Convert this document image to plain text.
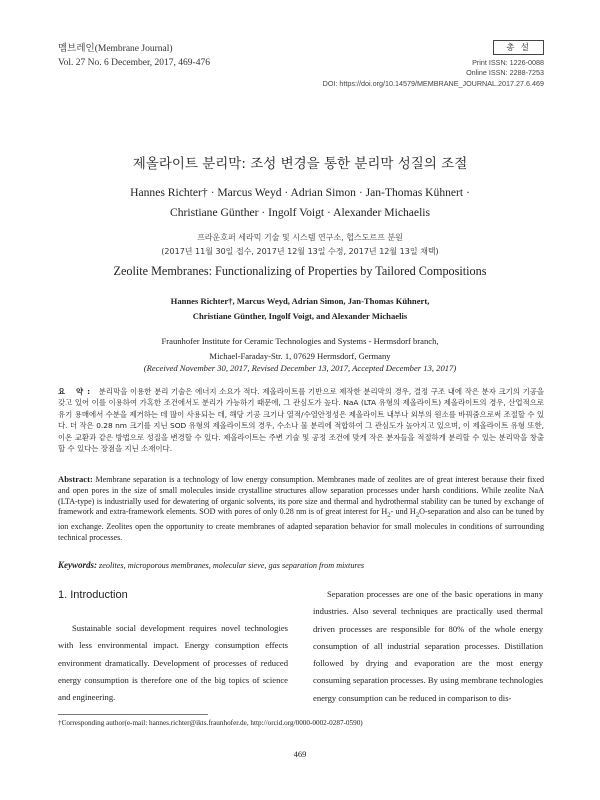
멤브레인(Membrane Journal)
Vol. 27 No. 6 December, 2017, 469-476
총 설
Print ISSN: 1226-0088
Online ISSN: 2288-7253
DOI: https://doi.org/10.14579/MEMBRANE_JOURNAL.2017.27.6.469
제올라이트 분리막: 조성 변경을 통한 분리막 성질의 조절
Hannes Richter† · Marcus Weyd · Adrian Simon · Jan-Thomas Kühnert ·
Christiane Günther · Ingolf Voigt · Alexander Michaelis
프라운호퍼 세라믹 기술 및 시스템 연구소, 헙스도르프 분원
(2017년 11월 30일 접수, 2017년 12월 13일 수정, 2017년 12월 13일 채택)
Zeolite Membranes: Functionalizing of Properties by Tailored Compositions
Hannes Richter†, Marcus Weyd, Adrian Simon, Jan-Thomas Kühnert,
Christiane Günther, Ingolf Voigt, and Alexander Michaelis
Fraunhofer Institute for Ceramic Technologies and Systems - Hermsdorf branch,
Michael-Faraday-Str. 1, 07629 Hermsdorf, Germany
(Received November 30, 2017, Revised December 13, 2017, Accepted December 13, 2017)
요 약: 분리막을 이용한 분리 기술은 에너지 소요가 적다. 제올라이트를 기반으로 제작한 분리막의 경우, 결정 구조 내에 작은 분자 크기의 기공을 갖고 있어 이를 이용하여 가혹한 조건에서도 분리가 가능하기 때문에, 그 관심도가 높다. NaA (LTA 유형의 제올라이트) 제올라이트의 경우, 산업적으로 유기 용매에서 수분을 제거하는 데 많이 사용되는 데, 해당 기공 크기나 열적/수열안정성은 제올라이트 내부나 외부의 원소를 바꿔줌으로써 조절할 수 있다. 더 작은 0.28 nm 크기를 지닌 SOD 유형의 제올라이트의 경우, 수소나 물 분리에 적합하여 그 관심도가 높아지고 있으며, 이 제올라이트 유형 또한, 이온 교환과 같은 방법으로 성질을 변경할 수 있다. 제올라이트는 주변 기술 및 공정 조건에 맞게 작은 분자들을 적절하게 분리할 수 있는 분리막을 창출할 수 있다는 장점을 지닌 소재이다.
Abstract: Membrane separation is a technology of low energy consumption. Membranes made of zeolites are of great interest because their fixed and open pores in the size of small molecules inside crystalline structures allow separation processes under harsh conditions. While zeolite NaA (LTA-type) is industrially used for dewatering of organic solvents, its pore size and thermal and hydrothermal stability can be tuned by exchange of framework and extra-framework elements. SOD with pores of only 0.28 nm is of great interest for $H_2-$ und $H_2O$-separation and also can be tuned by ion exchange. Zeolites open the opportunity to create membranes of adapted separation behavior for small molecules in conditions of surrounding technical processes.
Keywords: zeolites, microporous membranes, molecular sieve, gas separation from mixtures
1. Introduction

Sustainable social development requires novel technologies with less environmental impact. Energy consumption effects environment dramatically. Development of processes of reduced energy consumption is therefore one of the big topics of science and engineering.

Separation processes are one of the basic operations in many industries. Also several techniques are practically used thermal driven processes are responsible for 80% of the whole energy consumption of all industrial separation processes. Distillation followed by drying and evaporation are the most energy consuming separation processes. By using membrane technologies energy consumption can be reduced in comparison to dis-

†Corresponding author(e-mail: hannes.richter@ikts.fraunhofer.de, http://orcid.org/0000-0002-0287-0590)
469
